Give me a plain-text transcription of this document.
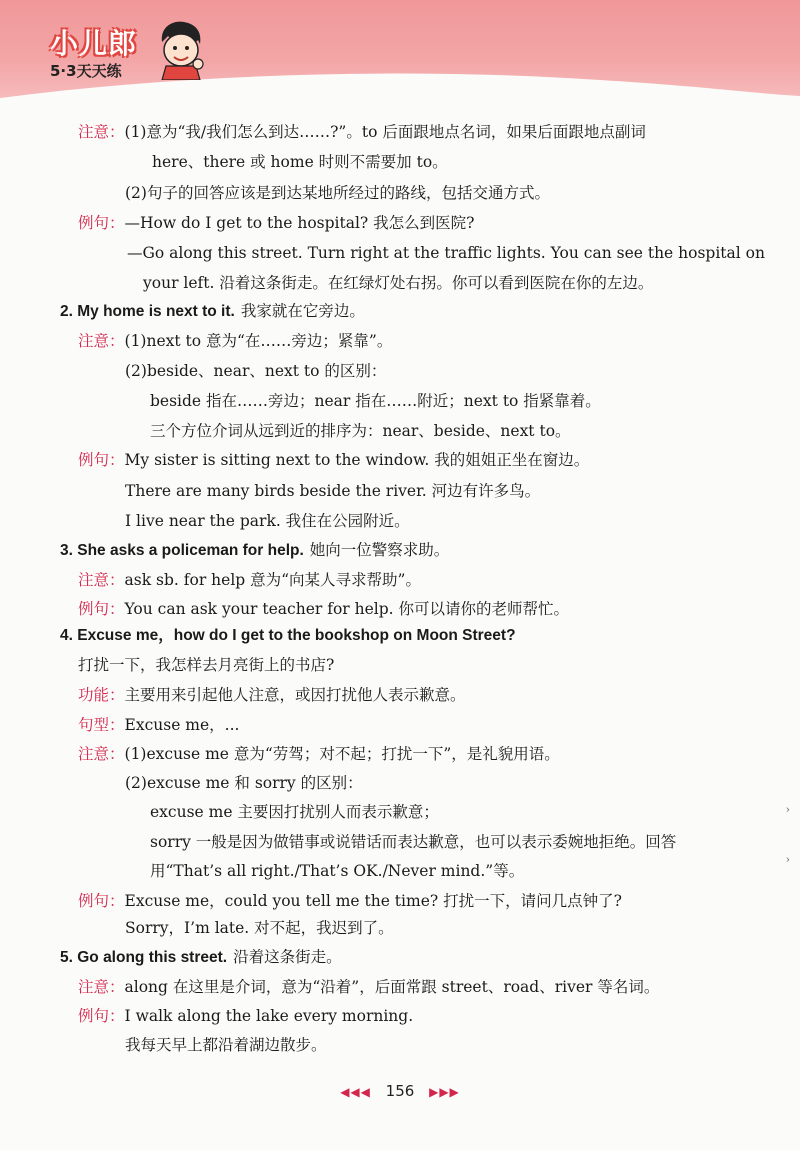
小儿郎
5·3天天练
注意：(1)意为“我/我们怎么到达……?”。to 后面跟地点名词，如果后面跟地点副词
here、there 或 home 时则不需要加 to。
(2)句子的回答应该是到达某地所经过的路线，包括交通方式。
例句：—How do I get to the hospital? 我怎么到医院?
—Go along this street. Turn right at the traffic lights. You can see the hospital on
your left. 沿着这条街走。在红绿灯处右拐。你可以看到医院在你的左边。
2. My home is next to it. 我家就在它旁边。
3. She asks a policeman for help. 她向一位警察求助。
4. Excuse me，how do I get to the bookshop on Moon Street?
5. Go along this street. 沿着这条街走。
注意：(1)next to 意为“在……旁边；紧靠”。
(2)beside、near、next to 的区别：
beside 指在……旁边；near 指在……附近；next to 指紧靠着。
三个方位介词从远到近的排序为：near、beside、next to。
例句：My sister is sitting next to the window. 我的姐姐正坐在窗边。
There are many birds beside the river. 河边有许多鸟。
I live near the park. 我住在公园附近。
注意：ask sb. for help 意为“向某人寻求帮助”。
例句：You can ask your teacher for help. 你可以请你的老师帮忙。
打扰一下，我怎样去月亮街上的书店?
功能：主要用来引起他人注意，或因打扰他人表示歉意。
句型：Excuse me，...
注意：(1)excuse me 意为“劳驾；对不起；打扰一下”，是礼貌用语。
(2)excuse me 和 sorry 的区别：
excuse me 主要因打扰别人而表示歉意；
sorry 一般是因为做错事或说错话而表达歉意，也可以表示委婉地拒绝。回答
用“That’s all right./That’s OK./Never mind.”等。
例句：Excuse me，could you tell me the time? 打扰一下，请问几点钟了?
Sorry，I’m late. 对不起，我迟到了。
注意：along 在这里是介词，意为“沿着”，后面常跟 street、road、river 等名词。
例句：I walk along the lake every morning.
我每天早上都沿着湖边散步。
›
›
◀◀◀ 156 ▶▶▶
